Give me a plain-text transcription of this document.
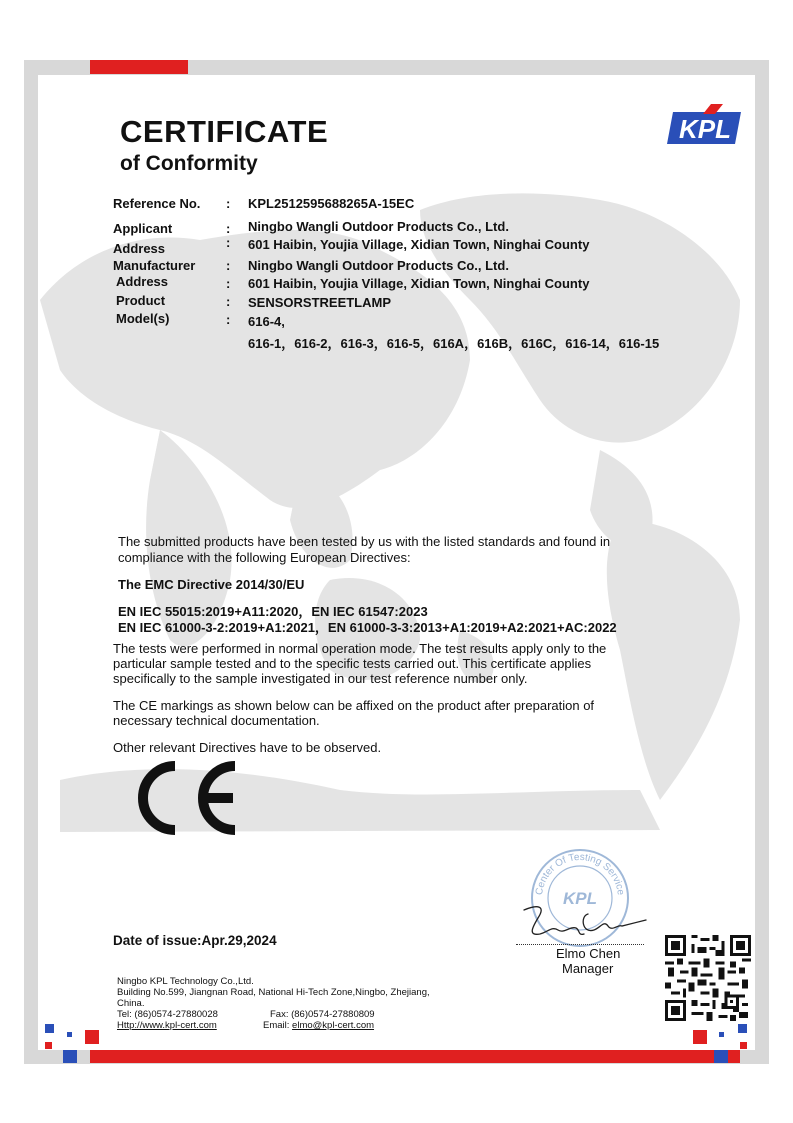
CERTIFICATE
of Conformity
KPL
Reference No. : KPL2512595688265A-15EC
Applicant	: Ningbo Wangli Outdoor Products Co., Ltd.
Address	: 601 Haibin, Youjia Village, Xidian Town, Ninghai County
Manufacturer : Ningbo Wangli Outdoor Products Co., Ltd.
Address	: 601 Haibin, Youjia Village, Xidian Town, Ninghai County
Product	: SENSORSTREETLAMP
Model(s)	: 616-4,
616-1，616-2，616-3，616-5，616A，616B，616C，616-14，616-15
The submitted products have been tested by us with the listed standards and found in
compliance with the following European Directives:
The EMC Directive 2014/30/EU
EN IEC 55015:2019+A11:2020，EN IEC 61547:2023
EN IEC 61000-3-2:2019+A1:2021，EN 61000-3-3:2013+A1:2019+A2:2021+AC:2022
The tests were performed in normal operation mode. The test results apply only to the
particular sample tested and to the specific tests carried out. This certificate applies
specifically to the sample investigated in our test reference number only.
The CE markings as shown below can be affixed on the product after preparation of
necessary technical documentation.
Other relevant Directives have to be observed.
Date of issue:Apr.29,2024
Center Of Testing Service
KPL
Elmo Chen
Manager
Ningbo KPL Technology Co.,Ltd.
Building No.599, Jiangnan Road, National Hi-Tech Zone,Ningbo, Zhejiang,
China.
Tel: (86)0574-27880028	Fax: (86)0574-27880809
Http://www.kpl-cert.com	Email: elmo@kpl-cert.com
